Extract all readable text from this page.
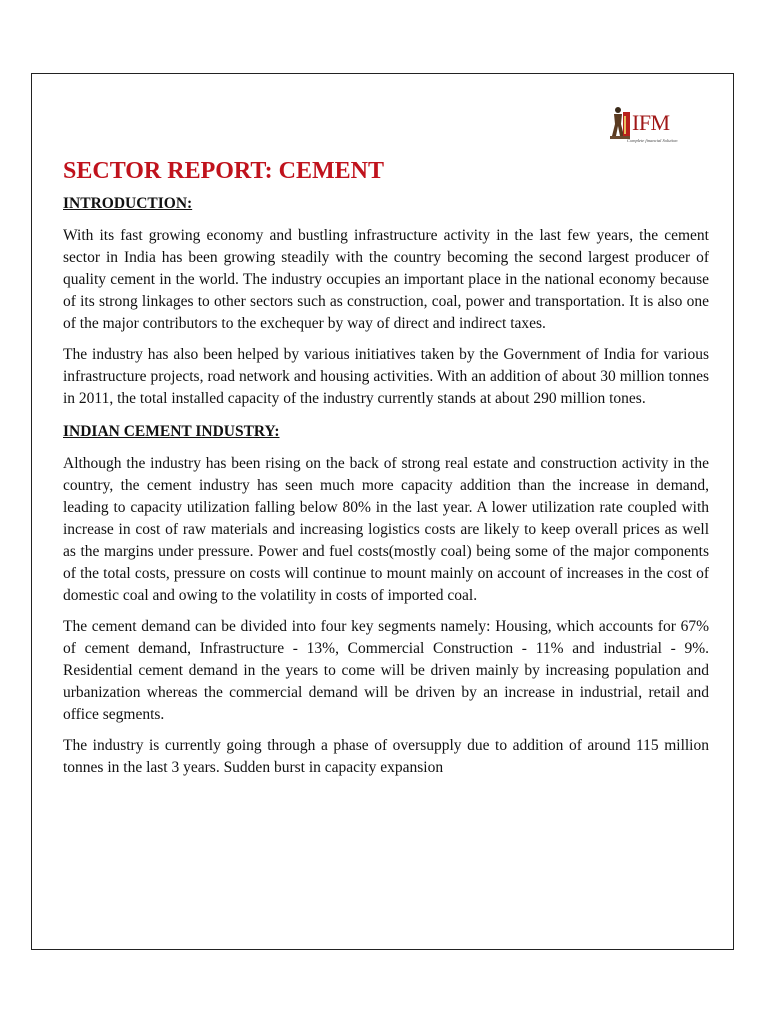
IFM
Complete financial Solution
SECTOR REPORT: CEMENT
INTRODUCTION:

With its fast growing economy and bustling infrastructure activity in the last few years, the cement sector in India has been growing steadily with the country becoming the second largest producer of quality cement in the world. The industry occupies an important place in the national economy because of its strong linkages to other sectors such as construction, coal, power and transportation. It is also one of the major contributors to the exchequer by way of direct and indirect taxes.

The industry has also been helped by various initiatives taken by the Government of India for various infrastructure projects, road network and housing activities. With an addition of about 30 million tonnes in 2011, the total installed capacity of the industry currently stands at about 290 million tones.

INDIAN CEMENT INDUSTRY:

Although the industry has been rising on the back of strong real estate and construction activity in the country, the cement industry has seen much more capacity addition than the increase in demand, leading to capacity utilization falling below 80% in the last year. A lower utilization rate coupled with increase in cost of raw materials and increasing logistics costs are likely to keep overall prices as well as the margins under pressure. Power and fuel costs(mostly coal) being some of the major components of the total costs, pressure on costs will continue to mount mainly on account of increases in the cost of domestic coal and owing to the volatility in costs of imported coal.

The cement demand can be divided into four key segments namely: Housing, which accounts for 67% of cement demand, Infrastructure - 13%, Commercial Construction - 11% and industrial - 9%. Residential cement demand in the years to come will be driven mainly by increasing population and urbanization whereas the commercial demand will be driven by an increase in industrial, retail and office segments.

The industry is currently going through a phase of oversupply due to addition of around 115 million tonnes in the last 3 years. Sudden burst in capacity expansion
